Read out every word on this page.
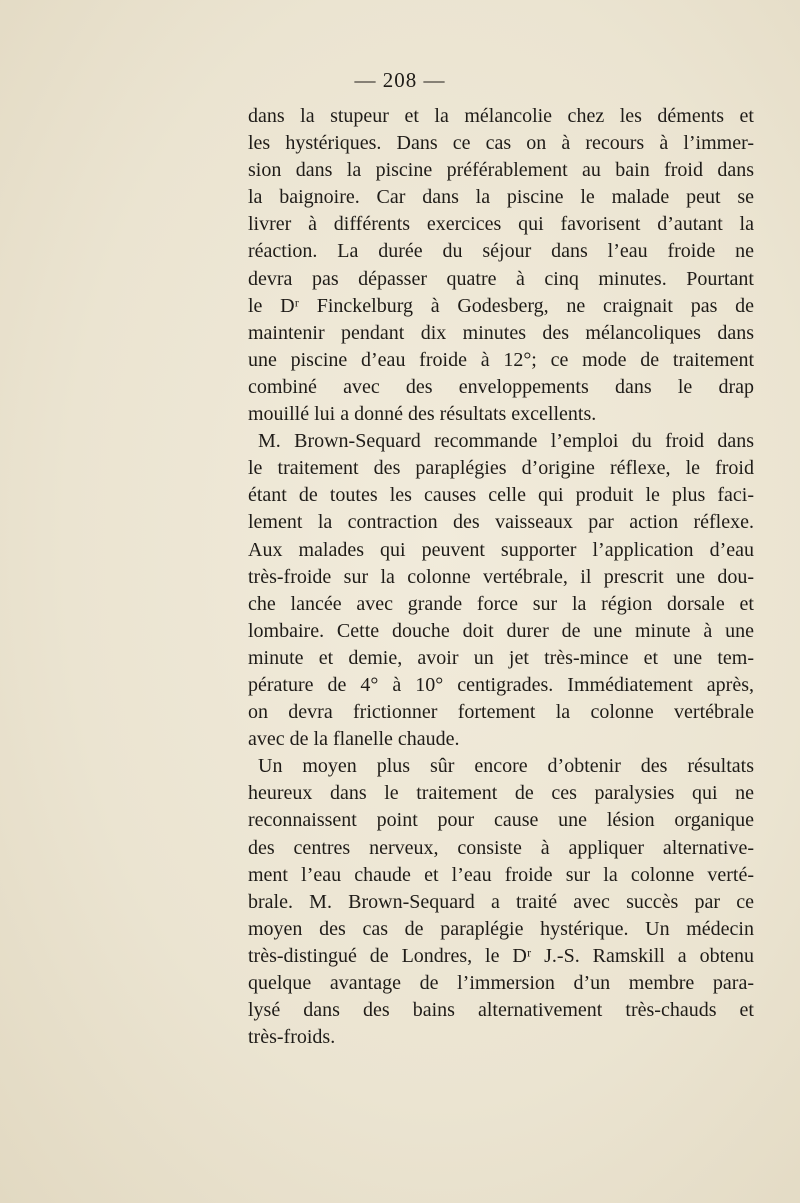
— 208 —
dans la stupeur et la mélancolie chez les déments et
les hystériques. Dans ce cas on à recours à l’immer-
sion dans la piscine préférablement au bain froid dans
la baignoire. Car dans la piscine le malade peut se
livrer à différents exercices qui favorisent d’autant la
réaction. La durée du séjour dans l’eau froide ne
devra pas dépasser quatre à cinq minutes. Pourtant
le Dʳ Finckelburg à Godesberg, ne craignait pas de
maintenir pendant dix minutes des mélancoliques dans
une piscine d’eau froide à 12°; ce mode de traitement
combiné avec des enveloppements dans le drap
mouillé lui a donné des résultats excellents.
M. Brown-Sequard recommande l’emploi du froid dans
le traitement des paraplégies d’origine réflexe, le froid
étant de toutes les causes celle qui produit le plus faci-
lement la contraction des vaisseaux par action réflexe.
Aux malades qui peuvent supporter l’application d’eau
très-froide sur la colonne vertébrale, il prescrit une dou-
che lancée avec grande force sur la région dorsale et
lombaire. Cette douche doit durer de une minute à une
minute et demie, avoir un jet très-mince et une tem-
pérature de 4° à 10° centigrades. Immédiatement après,
on devra frictionner fortement la colonne vertébrale
avec de la flanelle chaude.
Un moyen plus sûr encore d’obtenir des résultats
heureux dans le traitement de ces paralysies qui ne
reconnaissent point pour cause une lésion organique
des centres nerveux, consiste à appliquer alternative-
ment l’eau chaude et l’eau froide sur la colonne verté-
brale. M. Brown-Sequard a traité avec succès par ce
moyen des cas de paraplégie hystérique. Un médecin
très-distingué de Londres, le Dʳ J.-S. Ramskill a obtenu
quelque avantage de l’immersion d’un membre para-
lysé dans des bains alternativement très-chauds et
très-froids.
